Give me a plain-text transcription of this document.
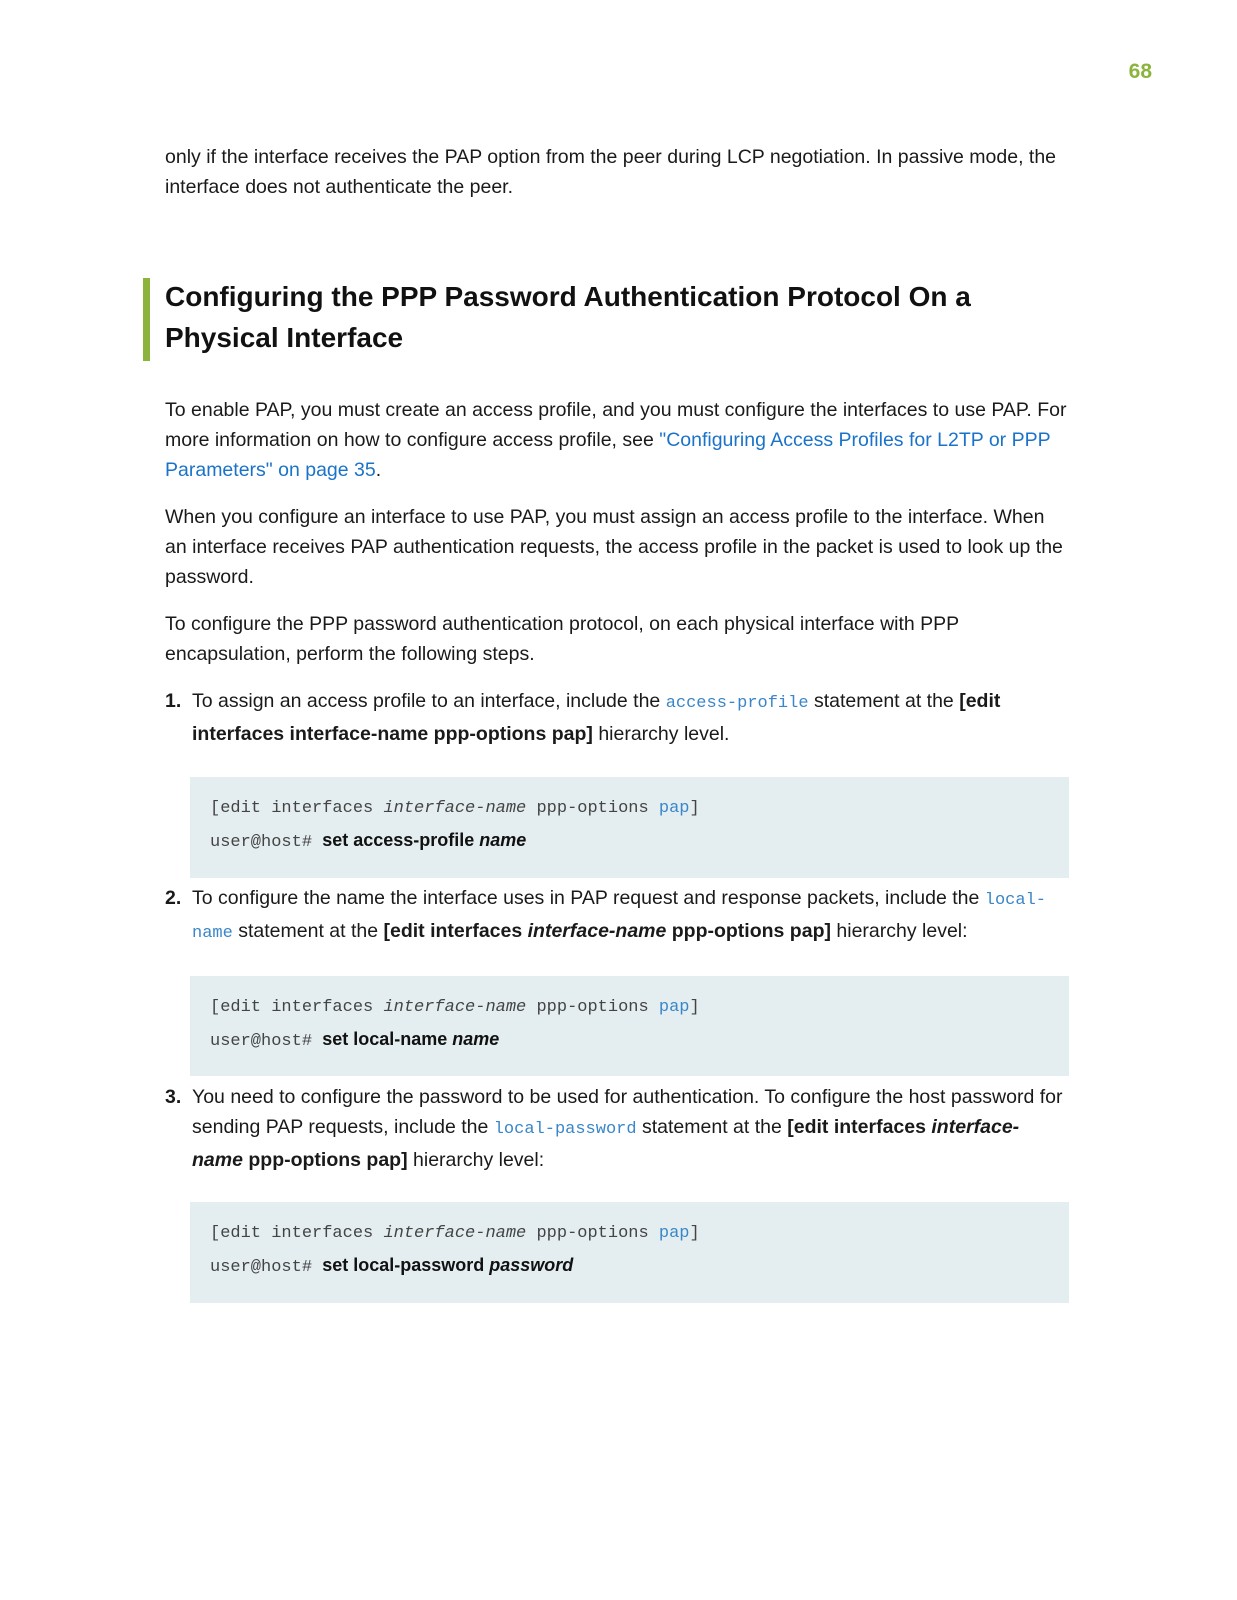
68

only if the interface receives the PAP option from the peer during LCP negotiation. In passive mode, the interface does not authenticate the peer.

Configuring the PPP Password Authentication Protocol On a Physical Interface

To enable PAP, you must create an access profile, and you must configure the interfaces to use PAP. For more information on how to configure access profile, see "Configuring Access Profiles for L2TP or PPP Parameters" on page 35.

When you configure an interface to use PAP, you must assign an access profile to the interface. When an interface receives PAP authentication requests, the access profile in the packet is used to look up the password.

To configure the PPP password authentication protocol, on each physical interface with PPP encapsulation, perform the following steps.

1. To assign an access profile to an interface, include the access-profile statement at the [edit interfaces interface-name ppp-options pap] hierarchy level.

[edit interfaces interface-name ppp-options pap]
user@host# set access-profile name
2. To configure the name the interface uses in PAP request and response packets, include the local-name statement at the [edit interfaces interface-name ppp-options pap] hierarchy level:

[edit interfaces interface-name ppp-options pap]
user@host# set local-name name
3. You need to configure the password to be used for authentication. To configure the host password for sending PAP requests, include the local-password statement at the [edit interfaces interface-name ppp-options pap] hierarchy level:

[edit interfaces interface-name ppp-options pap]
user@host# set local-password password
